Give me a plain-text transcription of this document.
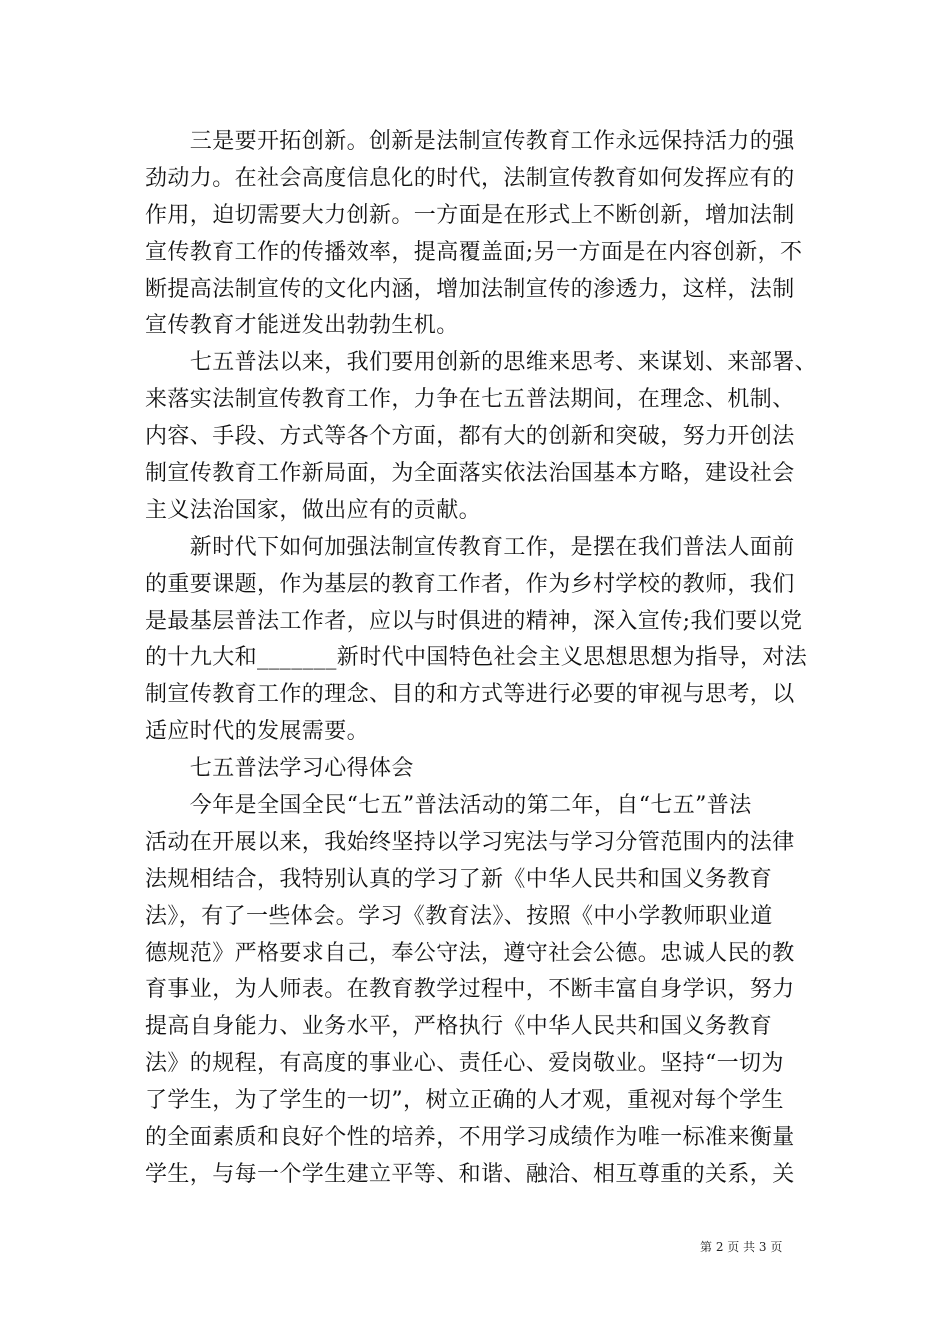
　　三是要开拓创新。创新是法制宣传教育工作永远保持活力的强
劲动力。在社会高度信息化的时代，法制宣传教育如何发挥应有的
作用，迫切需要大力创新。一方面是在形式上不断创新，增加法制
宣传教育工作的传播效率，提高覆盖面;另一方面是在内容创新，不
断提高法制宣传的文化内涵，增加法制宣传的渗透力，这样，法制
宣传教育才能迸发出勃勃生机。
　　七五普法以来，我们要用创新的思维来思考、来谋划、来部署、
来落实法制宣传教育工作，力争在七五普法期间，在理念、机制、
内容、手段、方式等各个方面，都有大的创新和突破，努力开创法
制宣传教育工作新局面，为全面落实依法治国基本方略，建设社会
主义法治国家，做出应有的贡献。
　　新时代下如何加强法制宣传教育工作，是摆在我们普法人面前
的重要课题，作为基层的教育工作者，作为乡村学校的教师，我们
是最基层普法工作者，应以与时俱进的精神，深入宣传;我们要以党
的十九大和_______新时代中国特色社会主义思想思想为指导，对法
制宣传教育工作的理念、目的和方式等进行必要的审视与思考，以
适应时代的发展需要。
　　七五普法学习心得体会
　　今年是全国全民“七五”普法活动的第二年，自“七五”普法
活动在开展以来，我始终坚持以学习宪法与学习分管范围内的法律
法规相结合，我特别认真的学习了新《中华人民共和国义务教育
法》，有了一些体会。学习《教育法》、按照《中小学教师职业道
德规范》严格要求自己，奉公守法，遵守社会公德。忠诚人民的教
育事业，为人师表。在教育教学过程中，不断丰富自身学识，努力
提高自身能力、业务水平，严格执行《中华人民共和国义务教育
法》的规程，有高度的事业心、责任心、爱岗敬业。坚持“一切为
了学生，为了学生的一切”，树立正确的人才观，重视对每个学生
的全面素质和良好个性的培养，不用学习成绩作为唯一标准来衡量
学生，与每一个学生建立平等、和谐、融洽、相互尊重的关系，关
第 2 页 共 3 页
